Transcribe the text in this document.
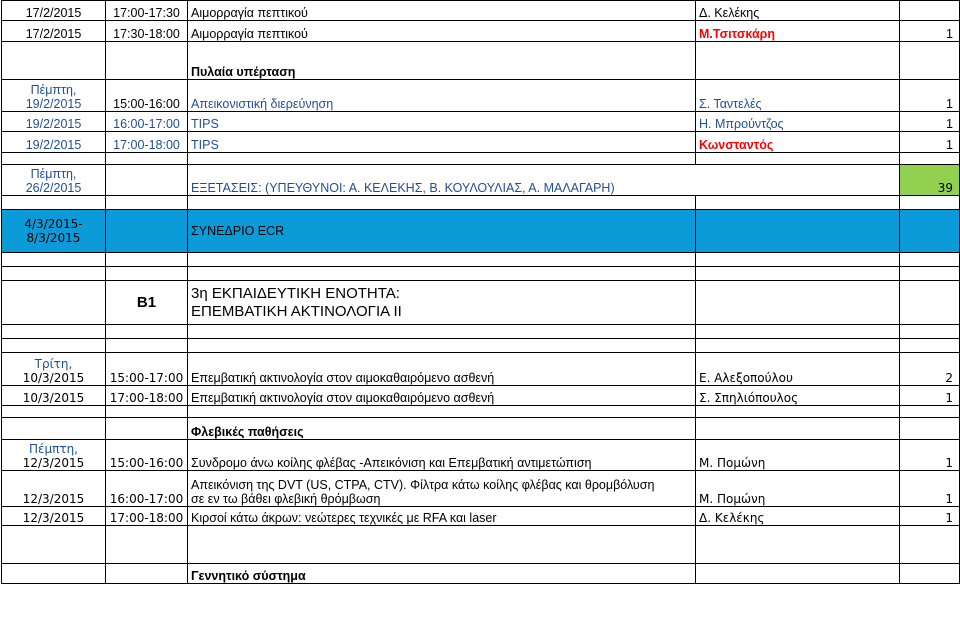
17/2/2015	17:00-17:30	Αιμορραγία πεπτικού	Δ. Κελέκης	
17/2/2015	17:30-18:00	Αιμορραγία πεπτικού	Μ.Τσιτσκάρη	1
		Πυλαία υπέρταση		

Πέμπτη,
19/2/2015	15:00-16:00	Απεικονιστική διερεύνηση	Σ. Ταντελές	1
19/2/2015	16:00-17:00	TIPS	Η. Μπρούντζος	1
19/2/2015	17:00-18:00	TIPS	Κωνσταντός	1

Πέμπτη,
26/2/2015		ΕΞΕΤΑΣΕΙΣ: (ΥΠΕΥΘΥΝΟΙ: Α. ΚΕΛΕΚΗΣ, Β. ΚΟΥΛΟΥΛΙΑΣ, Α. ΜΑΛΑΓΑΡΗ)		39

4/3/2015-
8/3/2015		ΣΥΝΕΔΡΙΟ ECR		

	B1	3η ΕΚΠΑΙΔΕΥΤΙΚΗ ΕΝΟΤΗΤΑ:
ΕΠΕΜΒΑΤΙΚΗ ΑΚΤΙΝΟΛΟΓΙΑ ΙΙ		

Τρίτη,
10/3/2015	15:00-17:00	Επεμβατική ακτινολογία στον αιμοκαθαιρόμενο ασθενή	Ε. Αλεξοπούλου	2
10/3/2015	17:00-18:00	Επεμβατική ακτινολογία στον αιμοκαθαιρόμενο ασθενή	Σ. Σπηλιόπουλος	1

		Φλεβικές παθήσεις		

Πέμπτη,
12/3/2015	15:00-16:00	Συνδρομο άνω κοίλης φλέβας -Απεικόνιση και Επεμβατική αντιμετώπιση	Μ. Πομώνη	1
12/3/2015	16:00-17:00	Απεικόνιση της DVT (US, CTPA, CTV). Φίλτρα κάτω κοίλης φλέβας και θρομβόλυση
σε εν τω βάθει φλεβική θρόμβωση	Μ. Πομώνη	1
12/3/2015	17:00-18:00	Κιρσοί κάτω άκρων: νεώτερες τεχνικές με RFA και laser	Δ. Κελέκης	1

		Γεννητικό σύστημα		
